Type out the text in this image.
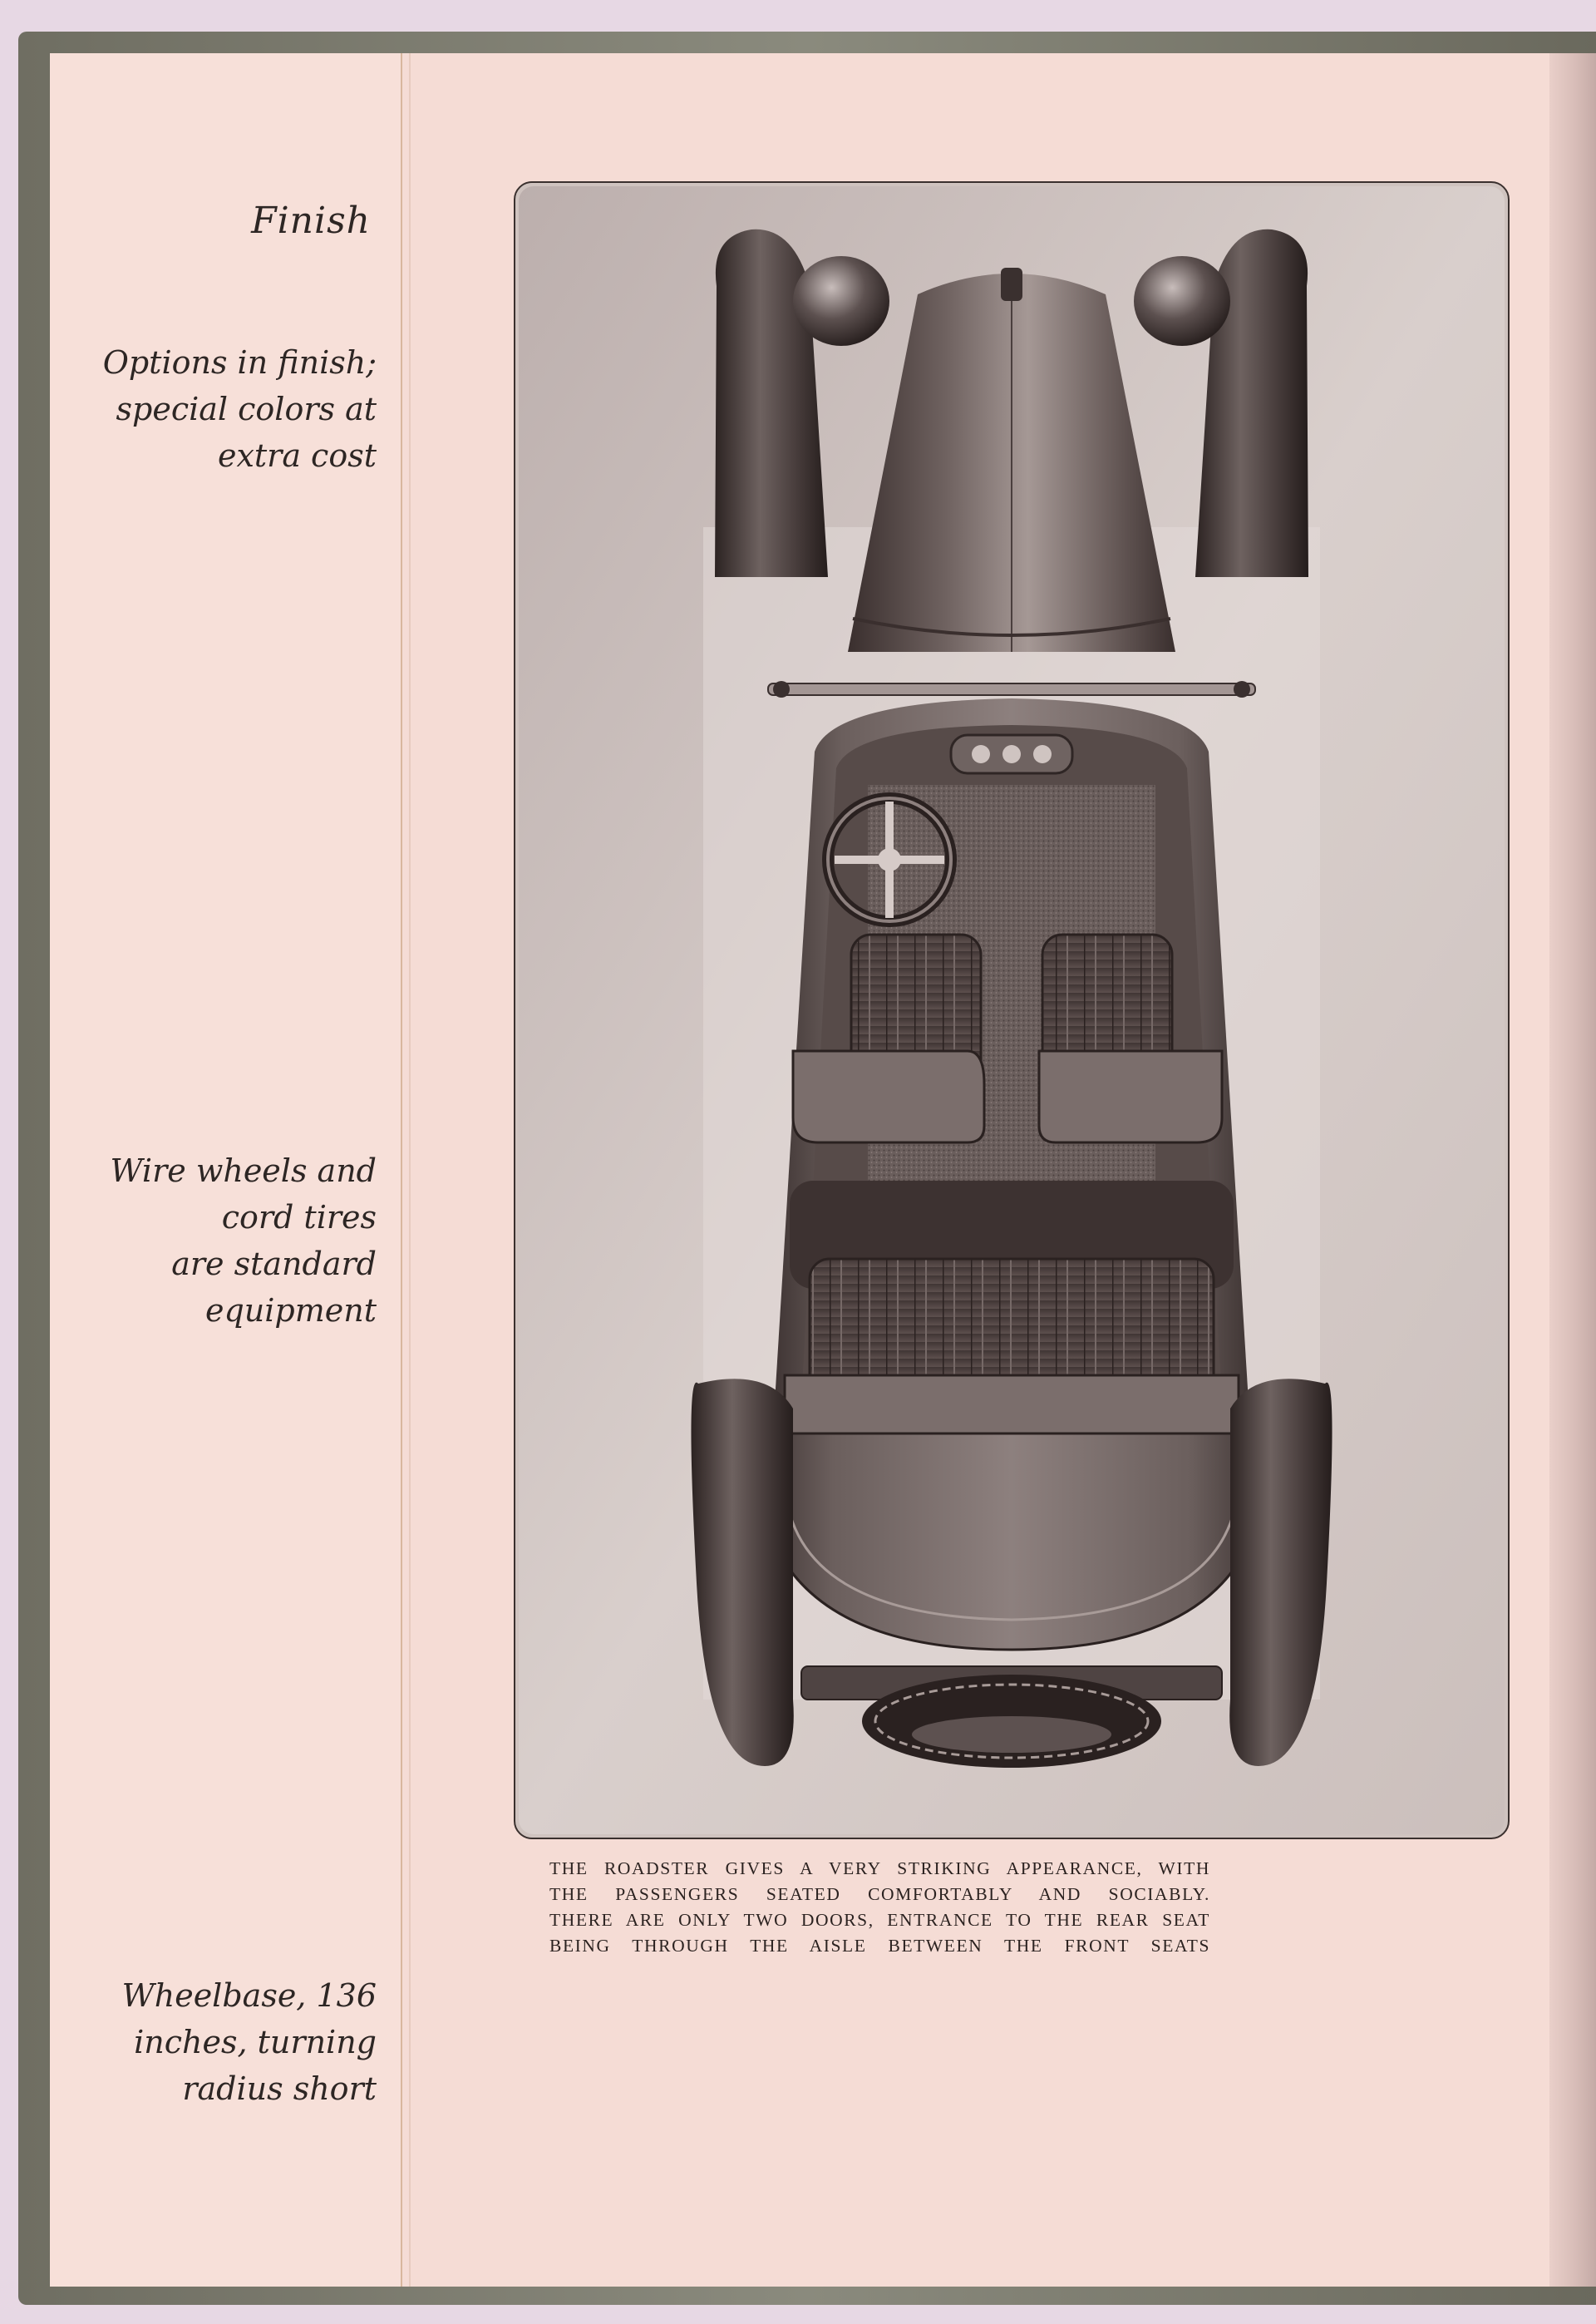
Finish
Options in finish;
special colors at
extra cost
Wire wheels and
cord tires
are standard
equipment
Wheelbase, 136
inches, turning
radius short
THE ROADSTER GIVES A VERY STRIKING APPEARANCE, WITH
THE PASSENGERS SEATED COMFORTABLY AND SOCIABLY.
THERE ARE ONLY TWO DOORS, ENTRANCE TO THE REAR SEAT
BEING THROUGH THE AISLE BETWEEN THE FRONT SEATS
